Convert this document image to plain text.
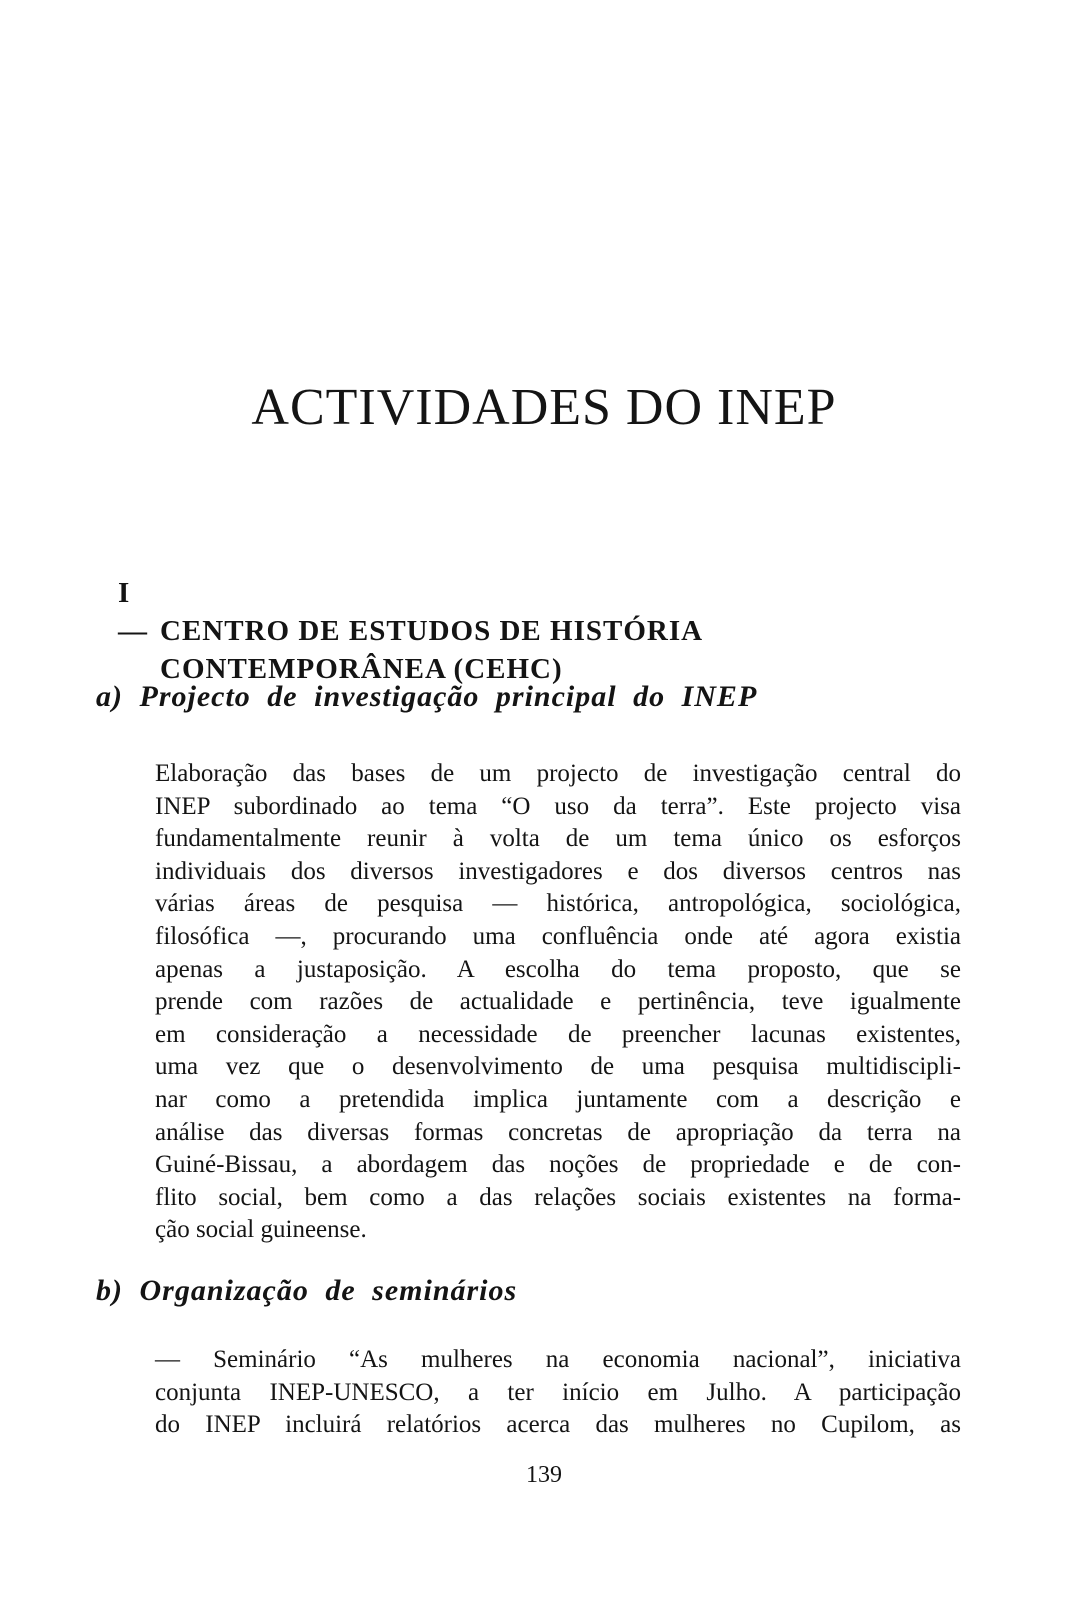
ACTIVIDADES DO INEP
I — CENTRO DE ESTUDOS DE HISTÓRIA
CONTEMPORÂNEA (CEHC)
a) Projecto de investigação principal do INEP
Elaboração das bases de um projecto de investigação central do
INEP subordinado ao tema “O uso da terra”. Este projecto visa
fundamentalmente reunir à volta de um tema único os esforços
individuais dos diversos investigadores e dos diversos centros nas
várias áreas de pesquisa — histórica, antropológica, sociológica,
filosófica —, procurando uma confluência onde até agora existia
apenas a justaposição. A escolha do tema proposto, que se
prende com razões de actualidade e pertinência, teve igualmente
em consideração a necessidade de preencher lacunas existentes,
uma vez que o desenvolvimento de uma pesquisa multidiscipli-
nar como a pretendida implica juntamente com a descrição e
análise das diversas formas concretas de apropriação da terra na
Guiné-Bissau, a abordagem das noções de propriedade e de con-
flito social, bem como a das relações sociais existentes na forma-
ção social guineense.
b) Organização de seminários
— Seminário “As mulheres na economia nacional”, iniciativa
conjunta INEP-UNESCO, a ter início em Julho. A participação
do INEP incluirá relatórios acerca das mulheres no Cupilom, as
139
